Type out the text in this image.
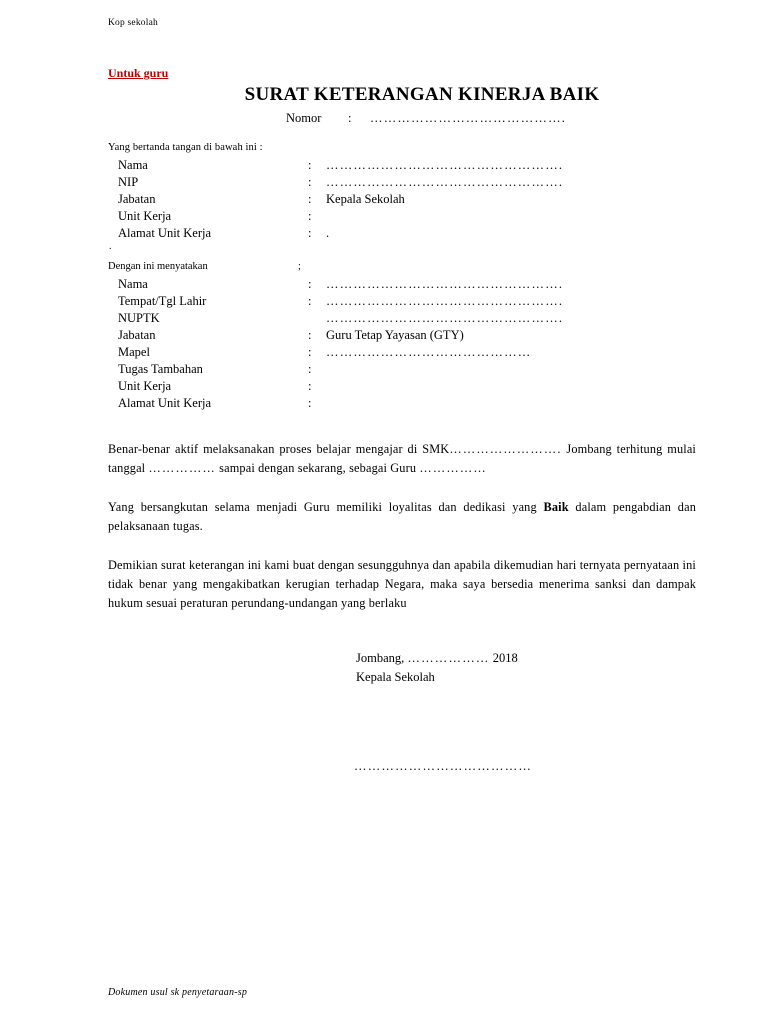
Kop sekolah
Untuk guru
SURAT KETERANGAN KINERJA BAIK
Nomor	:	…………………………………….
Yang bertanda tangan di bawah ini :
Nama	:	…………………………………………….
NIP	:	…………………………………………….
Jabatan	:	Kepala Sekolah
Unit Kerja	:
Alamat Unit Kerja	:	.

.

Dengan ini menyatakan	;
Nama	:	…………………………………………….
Tempat/Tgl Lahir	:	…………………………………………….
NUPTK	…………………………………………….
Jabatan	:	Guru Tetap Yayasan (GTY)
Mapel	:	………………………………………
Tugas Tambahan	:
Unit Kerja	:
Alamat Unit Kerja	:

Benar-benar aktif melaksanakan proses belajar mengajar di SMK……………………. Jombang terhitung mulai tanggal …………… sampai dengan sekarang, sebagai Guru ……………

Yang bersangkutan selama menjadi Guru memiliki loyalitas dan dedikasi yang Baik dalam pengabdian dan pelaksanaan tugas.

Demikian surat keterangan ini kami buat dengan sesungguhnya dan apabila dikemudian hari ternyata pernyataan ini tidak benar yang mengakibatkan kerugian terhadap Negara, maka saya bersedia menerima sanksi dan dampak hukum sesuai peraturan perundang-undangan yang berlaku

Jombang, ……………… 2018
Kepala Sekolah
…………………………………
Dokumen usul sk penyetaraan-sp
